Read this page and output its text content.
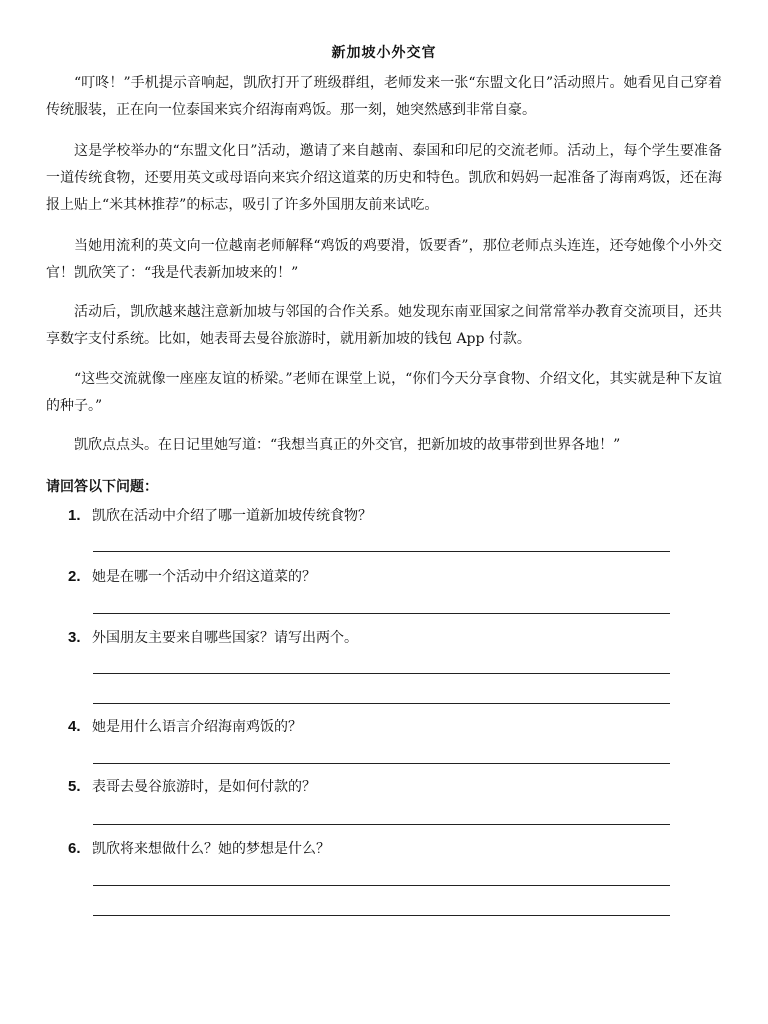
新加坡小外交官

“叮咚！”手机提示音响起，凯欣打开了班级群组，老师发来一张“东盟文化日”活动照片。她看见自己穿着传统服装，正在向一位泰国来宾介绍海南鸡饭。那一刻，她突然感到非常自豪。

这是学校举办的“东盟文化日”活动，邀请了来自越南、泰国和印尼的交流老师。活动上，每个学生要准备一道传统食物，还要用英文或母语向来宾介绍这道菜的历史和特色。凯欣和妈妈一起准备了海南鸡饭，还在海报上贴上“米其林推荐”的标志，吸引了许多外国朋友前来试吃。

当她用流利的英文向一位越南老师解释“鸡饭的鸡要滑，饭要香”，那位老师点头连连，还夸她像个小外交官！凯欣笑了：“我是代表新加坡来的！”

活动后，凯欣越来越注意新加坡与邻国的合作关系。她发现东南亚国家之间常常举办教育交流项目，还共享数字支付系统。比如，她表哥去曼谷旅游时，就用新加坡的钱包 App 付款。

“这些交流就像一座座友谊的桥梁。”老师在课堂上说，“你们今天分享食物、介绍文化，其实就是种下友谊的种子。”

凯欣点点头。在日记里她写道：“我想当真正的外交官，把新加坡的故事带到世界各地！”

请回答以下问题：

1. 凯欣在活动中介绍了哪一道新加坡传统食物？
2. 她是在哪一个活动中介绍这道菜的？
3. 外国朋友主要来自哪些国家？请写出两个。
4. 她是用什么语言介绍海南鸡饭的？
5. 表哥去曼谷旅游时，是如何付款的？
6. 凯欣将来想做什么？她的梦想是什么？
